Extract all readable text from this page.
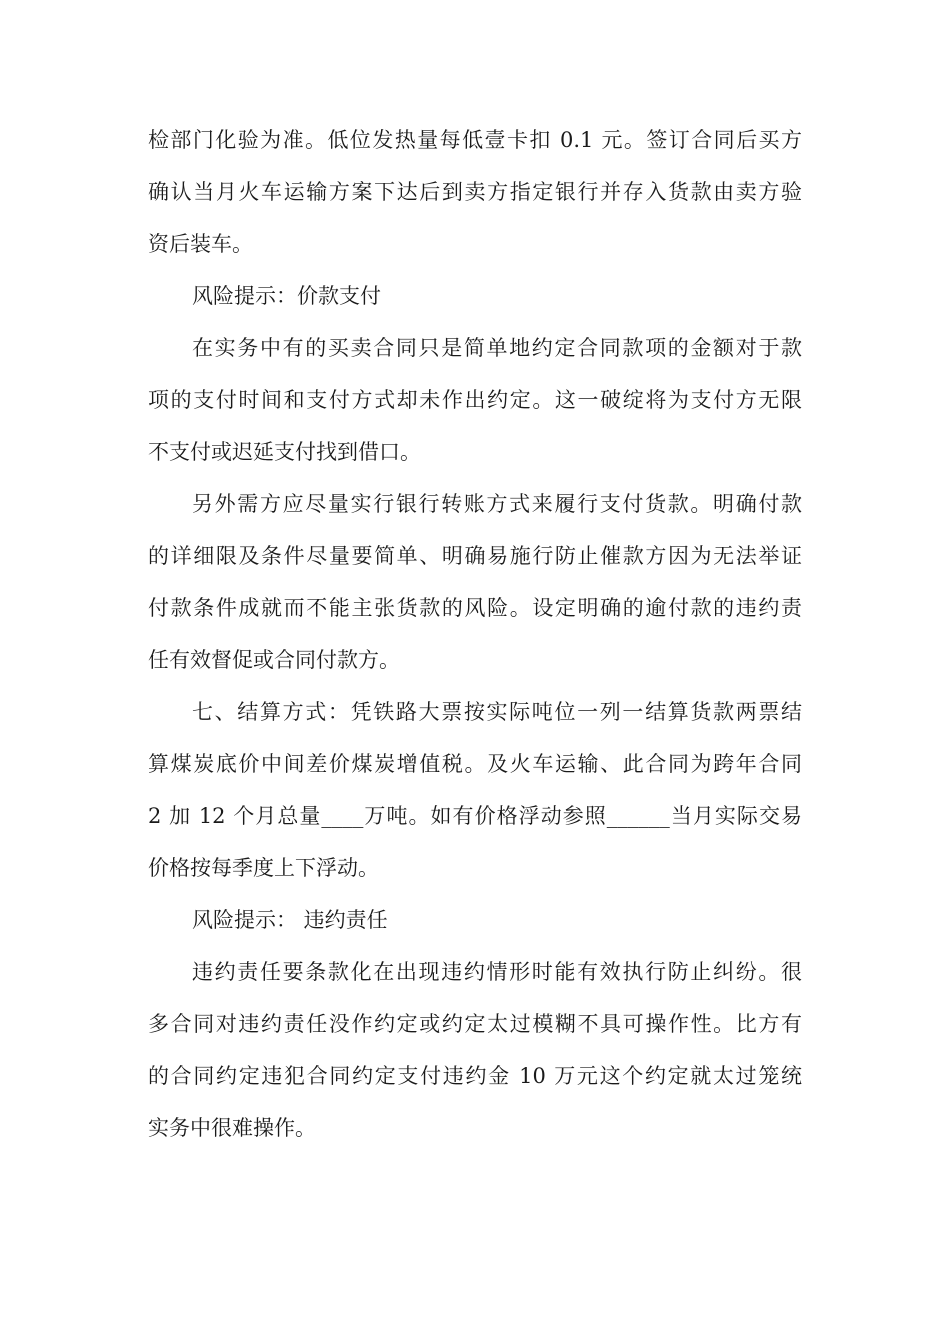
检部门化验为准。低位发热量每低壹卡扣 0.1 元。签订合同后买方
确认当月火车运输方案下达后到卖方指定银行并存入货款由卖方验
资后装车。
风险提示：价款支付
在实务中有的买卖合同只是简单地约定合同款项的金额对于款
项的支付时间和支付方式却未作出约定。这一破绽将为支付方无限
不支付或迟延支付找到借口。
另外需方应尽量实行银行转账方式来履行支付货款。明确付款
的详细限及条件尽量要简单、明确易施行防止催款方因为无法举证
付款条件成就而不能主张货款的风险。设定明确的逾付款的违约责
任有效督促或合同付款方。
七、结算方式：凭铁路大票按实际吨位一列一结算货款两票结
算煤炭底价中间差价煤炭增值税。及火车运输、此合同为跨年合同
2 加 12 个月总量____万吨。如有价格浮动参照______当月实际交易
价格按每季度上下浮动。
风险提示： 违约责任
违约责任要条款化在出现违约情形时能有效执行防止纠纷。很
多合同对违约责任没作约定或约定太过模糊不具可操作性。比方有
的合同约定违犯合同约定支付违约金 10 万元这个约定就太过笼统
实务中很难操作。
